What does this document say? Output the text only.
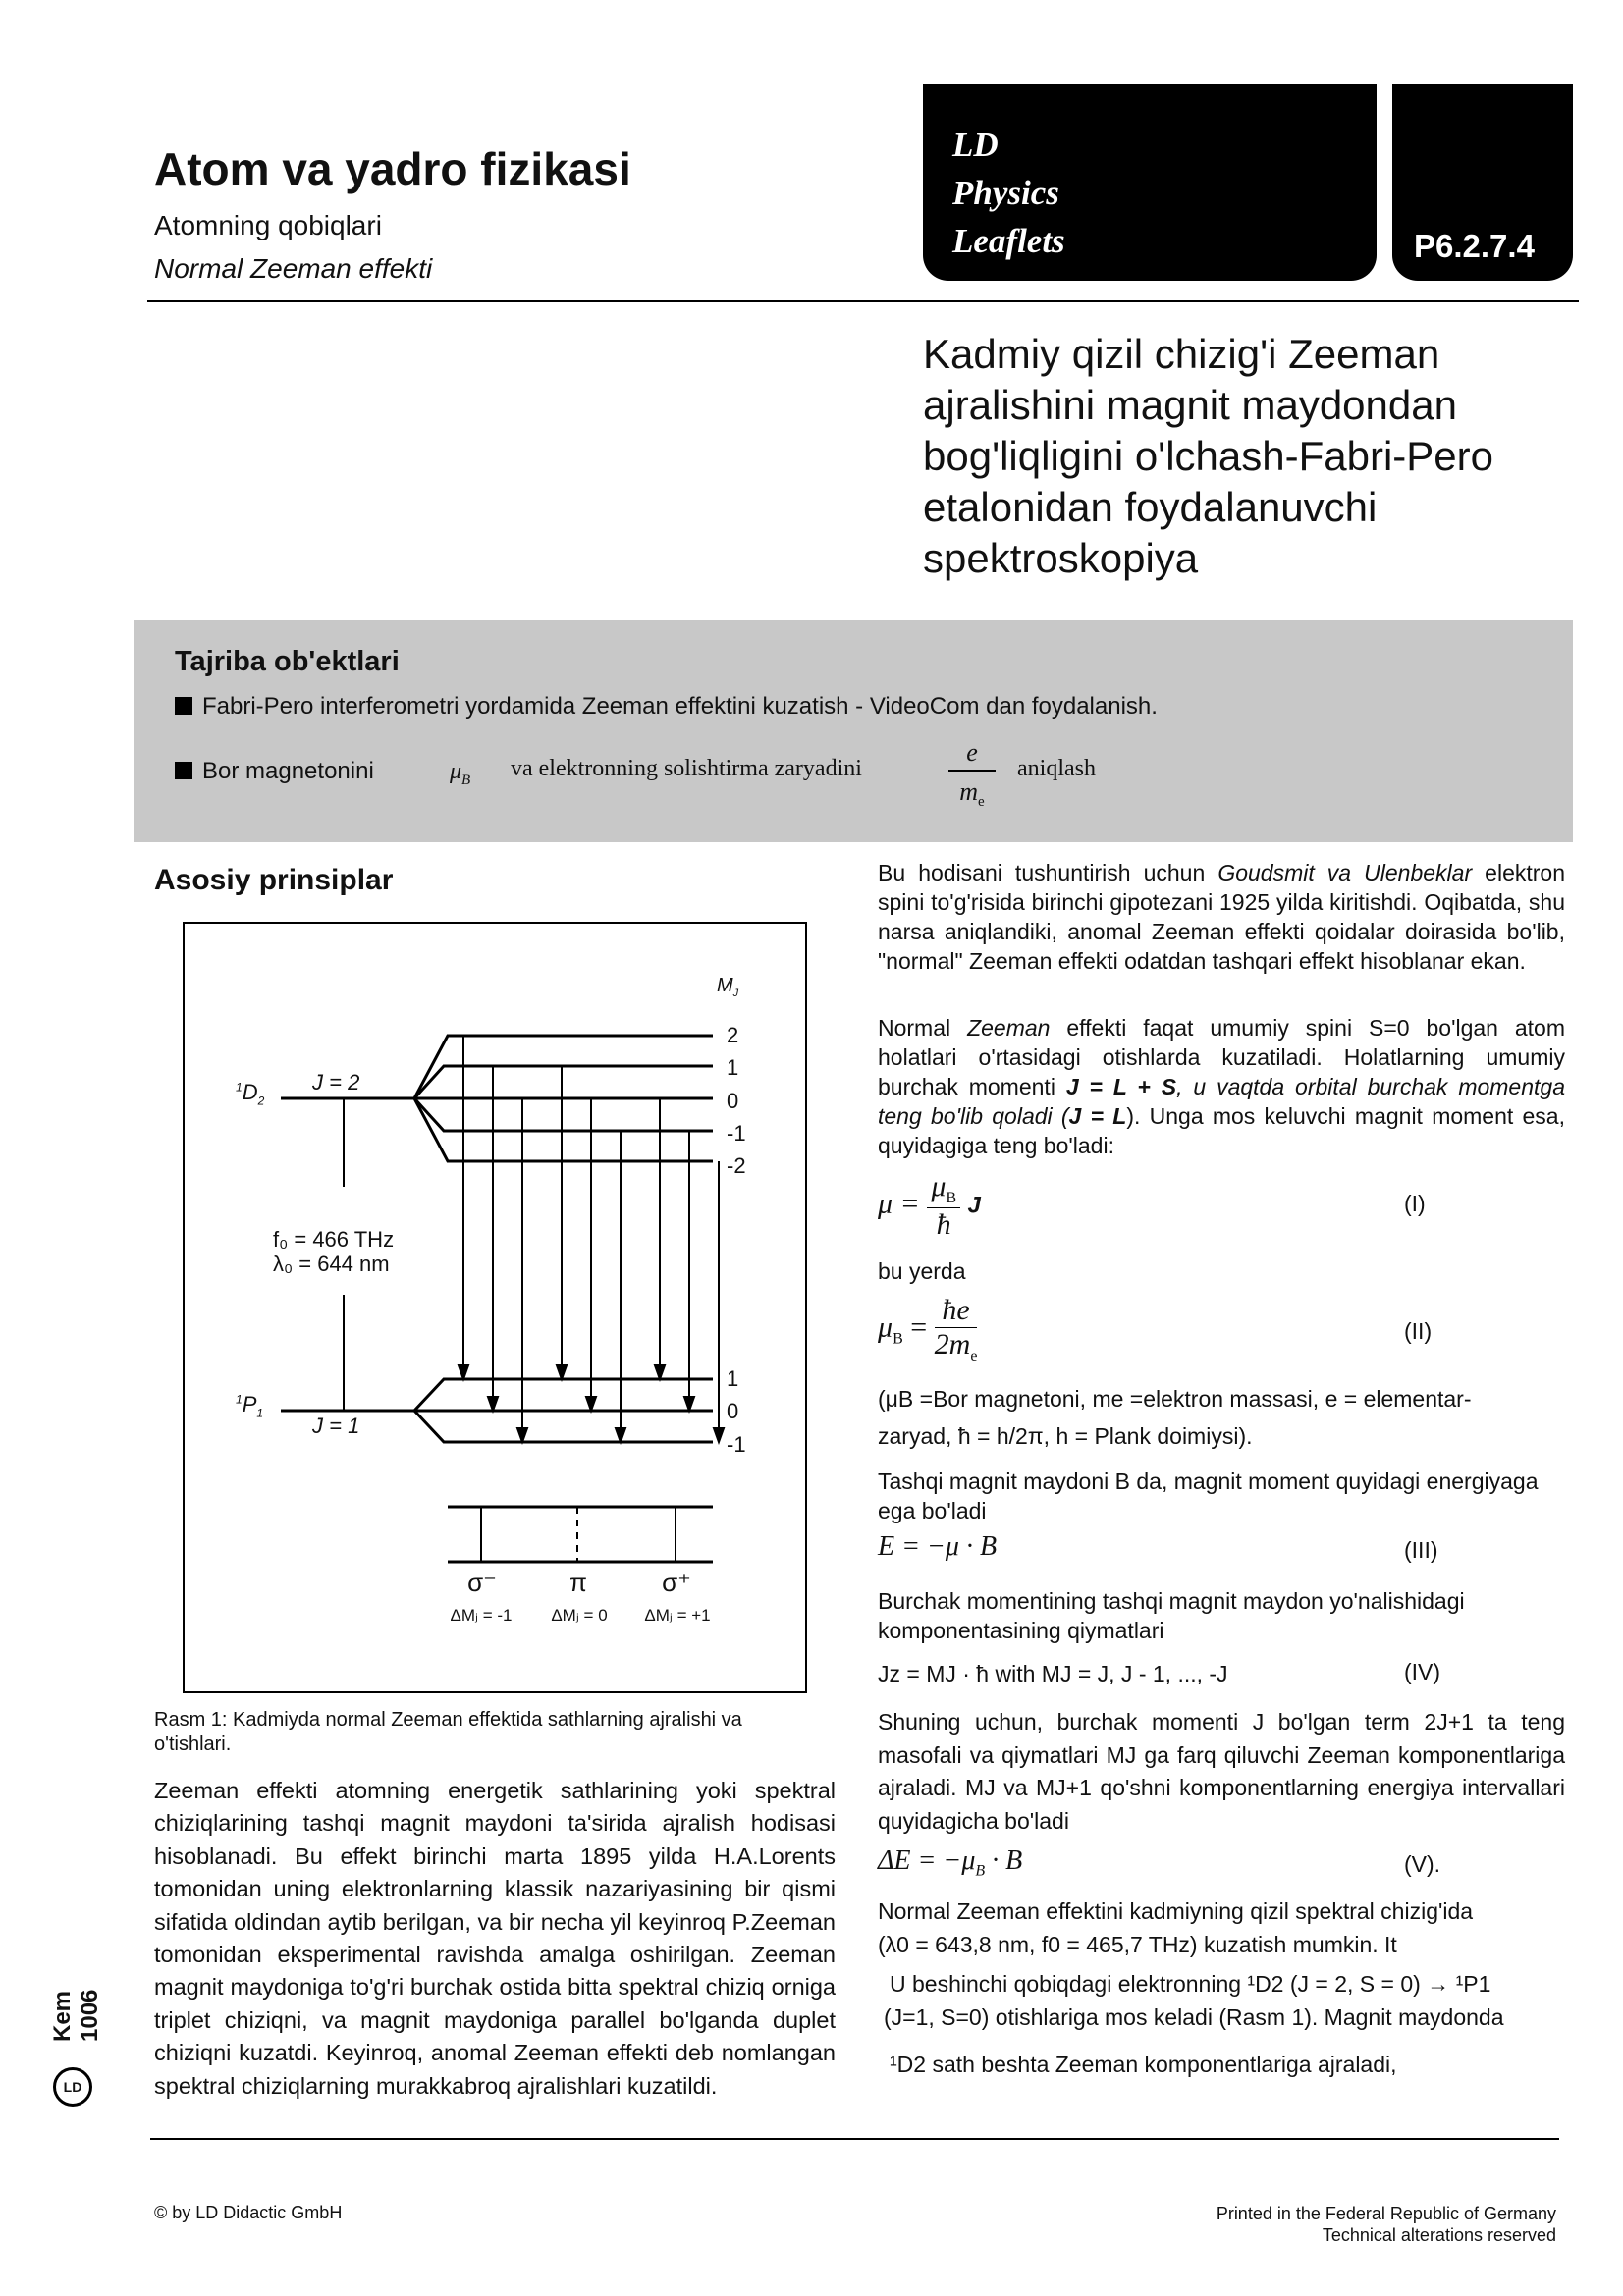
Atom va yadro fizikasi
Atomning qobiqlari
Normal Zeeman effekti
LD
Physics
Leaflets	P6.2.7.4
Kadmiy qizil chizig'i Zeeman ajralishini magnit maydondan bog'liqligini o'lchash-Fabri-Pero etalonidan foydalanuvchi spektroskopiya
Tajriba ob'ektlari
Fabri-Pero interferometri yordamida Zeeman effektini kuzatish - VideoCom dan foydalanish.
Bor magnetonini	$\mu_B$ va elektronning solishtirma zaryadini
e
$m_e$
aniqlash
Asosiy prinsiplar
$M_J$
2
1
0
-1
-2
1
0
-1
$^1D_2$
J = 2
$^1P_1$
J = 1
f₀ = 466 THz
λ₀ = 644 nm
σ⁻	π	σ⁺
ΔMⱼ = -1	ΔMⱼ = 0	ΔMⱼ = +1
Rasm 1: Kadmiyda normal Zeeman effektida sathlarning ajralishi va o'tishlari.
Zeeman effekti atomning energetik sathlarining yoki spektral chiziqlarining tashqi magnit maydoni ta'sirida ajralish hodisasi hisoblanadi. Bu effekt birinchi marta 1895 yilda H.A.Lorents tomonidan uning elektronlarning klassik nazariyasining bir qismi sifatida oldindan aytib berilgan, va bir necha yil keyinroq P.Zeeman tomonidan eksperimental ravishda amalga oshirilgan. Zeeman magnit maydoniga to'g'ri burchak ostida bitta spektral chiziq orniga triplet chiziqni, va magnit maydoniga parallel bo'lganda duplet chiziqni kuzatdi. Keyinroq, anomal Zeeman effekti deb nomlangan spektral chiziqlarning murakkabroq ajralishlari kuzatildi.
Bu hodisani tushuntirish uchun Goudsmit va Ulenbeklar elektron spini to'g'risida birinchi gipotezani 1925 yilda kiritishdi. Oqibatda, shu narsa aniqlandiki, anomal Zeeman effekti qoidalar doirasida bo'lib, "normal" Zeeman effekti odatdan tashqari effekt hisoblanar ekan.
Normal Zeeman effekti faqat umumiy spini S=0 bo'lgan atom holatlari o'rtasidagi otishlarda kuzatiladi. Holatlarning umumiy burchak momenti J = L + S, u vaqtda orbital burchak momentga teng bo'lib qoladi (J = L). Unga mos keluvchi magnit moment esa, quyidagiga teng bo'ladi:
$\mu = \frac{\mu_B}{ħ}$ J	(I)
bu yerda
$\mu_B = \frac{ħe}{2m_e}$	(II)
(μB =Bor magnetoni, me =elektron massasi, e = elementar-
zaryad, ħ = h/2π, h = Plank doimiysi).
Tashqi magnit maydoni B da, magnit moment quyidagi energiyaga ega bo'ladi
E = −μ · B	(III)
Burchak momentining tashqi magnit maydon yo'nalishidagi komponentasining qiymatlari
Jz = MJ · ħ with MJ = J, J - 1, ..., -J	(IV)
Shuning uchun, burchak momenti J bo'lgan term 2J+1 ta teng masofali va qiymatlari MJ ga farq qiluvchi Zeeman komponentlariga ajraladi. MJ va MJ+1 qo'shni komponentlarning energiya intervallari quyidagicha bo'ladi
$\Delta E = -\mu_B \cdot B$	(V).
Normal Zeeman effektini kadmiyning qizil spektral chizig'ida
(λ0 = 643,8 nm, f0 = 465,7 THz) kuzatish mumkin. It
U beshinchi qobiqdagi elektronning ¹D2 (J = 2, S = 0) → ¹P1
(J=1, S=0) otishlariga mos keladi (Rasm 1). Magnit maydonda
¹D2 sath beshta Zeeman komponentlariga ajraladi,
Kem 1006
LD
© by LD Didactic GmbH	Printed in the Federal Republic of Germany
Technical alterations reserved
